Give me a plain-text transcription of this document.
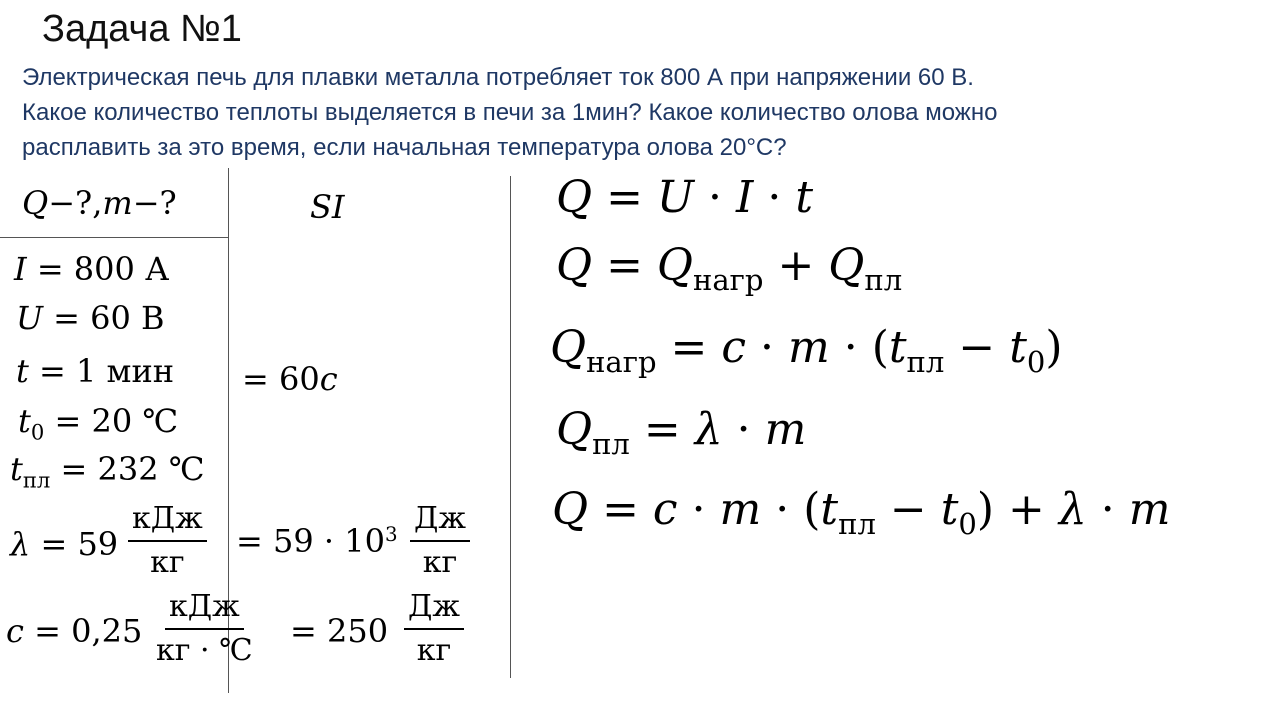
Задача №1
Электрическая печь для плавки металла потребляет ток 800 А при напряжении 60 В.
Какое количество теплоты выделяется в печи за 1мин? Какое количество олова можно
расплавить за это время, если начальная температура олова 20°C?
Q−?,m−?	SI
I = 800 А
U = 60 В
t = 1 мин = 60c
$t_0 = 20$ ℃
$t_{пл} = 232$ ℃
λ = 59
кДж
кг
= $59 \cdot 10^3$ Дж
кг
c = 0,25
кДж
кг · ℃
= 250
Дж
кг
Q = U · I · t
$Q = Q_{нагр} + Q_{пл}$
$Q_{нагр} = c \cdot m \cdot (t_{пл} - t_0)$
$Q_{пл} = \lambda \cdot m$
$Q = c \cdot m \cdot (t_{пл} - t_0) + \lambda \cdot m$
